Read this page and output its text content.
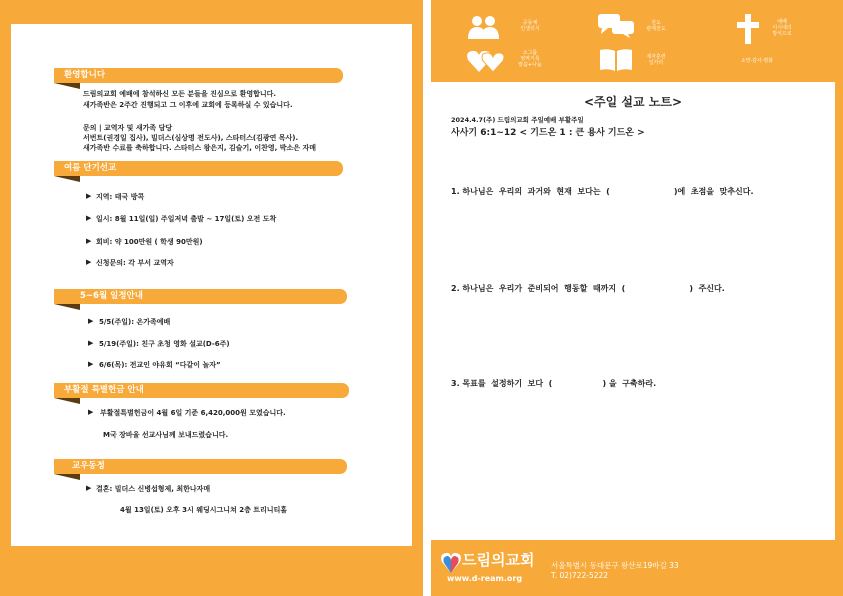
환영합니다
드림의교회 예배에 참석하신 모든 분들을 진심으로 환영합니다.
새가족반은 2주간 진행되고 그 이후에 교회에 등록하실 수 있습니다.
문의 | 교역자 및 새가족 담당
서번트(권경일 집사), 빌더스(심상명 전도사), 스타터스(김광연 목사).
새가족반 수료를 축하합니다. 스타터스 왕은지, 김슬기, 이찬영, 박소은 자매
여름 단기선교
▶ 지역: 태국 방콕
▶ 일시: 8월 11일(일) 주일저녁 출발 ~ 17일(토) 오전 도착
▶ 회비: 약 100만원 ( 학생 90만원)
▶ 신청문의: 각 부서 교역자
5~6월 일정안내
▶ 5/5(주일): 온가족예배
▶ 5/19(주일): 친구 초청 영화 설교(D-6주)
▶ 6/6(목): 전교인 야유회 “다같이 놀자”
부활절 특별헌금 안내
▶ 부활절특별헌금이 4월 6일 기준 6,420,000원 모였습니다.
M국 장바울 선교사님께 보내드렸습니다.
교우동정
▶ 결혼: 빌더스 신병섭형제, 최한나자매
4월 13일(토) 오후 3시 웨딩시그니쳐 2층 트리니티홀
공동체
인생의식
전도
관계전도
예배
이시대의
방식으로
소그룹
영역기록
말씀+나눔
제자훈련
일자리	소망·감사·평화
<주일 설교 노트>
2024.4.7(주) 드림의교회 주일예배 부활주일
사사기 6:1~12 < 기드온 1 : 큰 용사 기드온 >
1. 하나님은  우리의  과거와  현재  보다는  (                       )에  초점을  맞추신다.
2. 하나님은  우리가  준비되어  행동할  때까지  (                       )  주신다.
3. 목표를  설정하기  보다  (                  ) 을  구축하라.
드림의교회
www.d-ream.org
서울특별시 동대문구 왕산로19바길 33
T. 02)722-5222
